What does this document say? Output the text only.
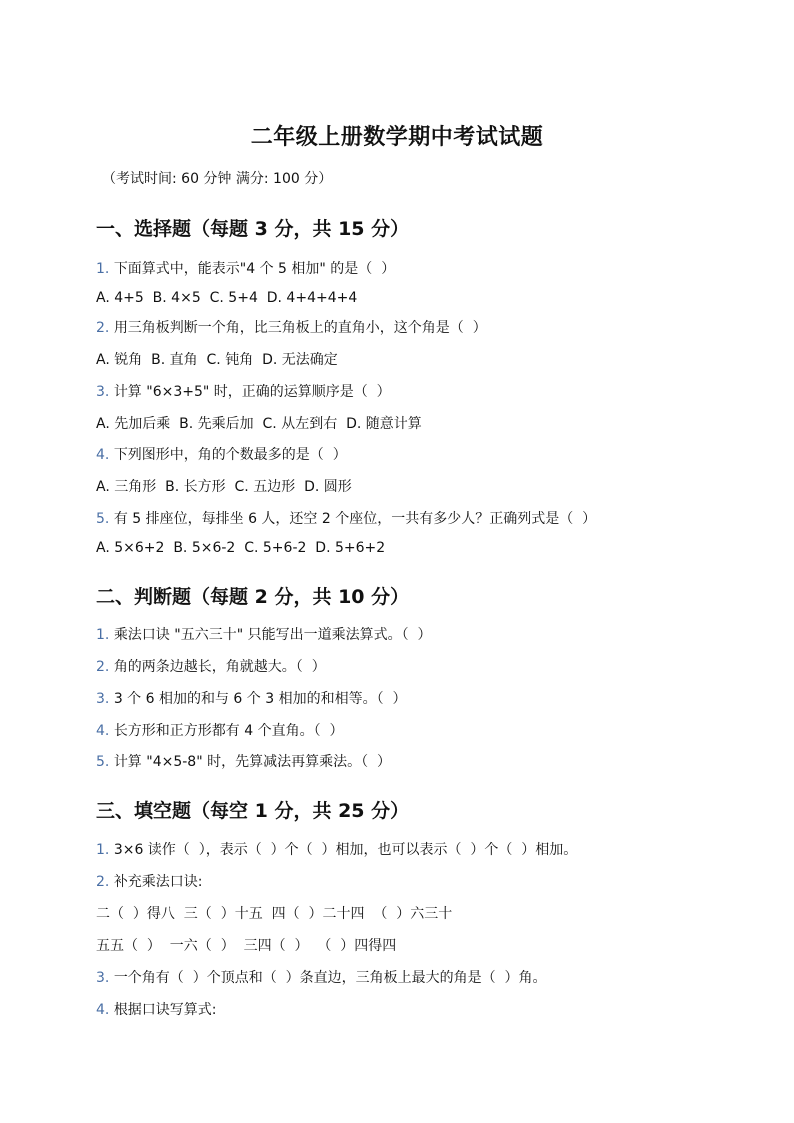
二年级上册数学期中考试试题
（考试时间: 60 分钟 满分: 100 分）
一、选择题（每题 3 分，共 15 分）
1. 下面算式中，能表示"4 个 5 相加" 的是（  ）
A. 4+5  B. 4×5  C. 5+4  D. 4+4+4+4
2. 用三角板判断一个角，比三角板上的直角小，这个角是（  ）
A. 锐角  B. 直角  C. 钝角  D. 无法确定
3. 计算 "6×3+5" 时，正确的运算顺序是（  ）
A. 先加后乘  B. 先乘后加  C. 从左到右  D. 随意计算
4. 下列图形中，角的个数最多的是（  ）
A. 三角形  B. 长方形  C. 五边形  D. 圆形
5. 有 5 排座位，每排坐 6 人，还空 2 个座位，一共有多少人？正确列式是（  ）
A. 5×6+2  B. 5×6-2  C. 5+6-2  D. 5+6+2
二、判断题（每题 2 分，共 10 分）
1. 乘法口诀 "五六三十" 只能写出一道乘法算式。（  ）
2. 角的两条边越长，角就越大。（  ）
3. 3 个 6 相加的和与 6 个 3 相加的和相等。（  ）
4. 长方形和正方形都有 4 个直角。（  ）
5. 计算 "4×5-8" 时，先算减法再算乘法。（  ）
三、填空题（每空 1 分，共 25 分）
1. 3×6 读作（  ），表示（  ）个（  ）相加，也可以表示（  ）个（  ）相加。
2. 补充乘法口诀:
二（  ）得八  三（  ）十五  四（  ）二十四  （  ）六三十
五五（  ）  一六（  ）  三四（  ）  （  ）四得四
3. 一个角有（  ）个顶点和（  ）条直边，三角板上最大的角是（  ）角。
4. 根据口诀写算式:
